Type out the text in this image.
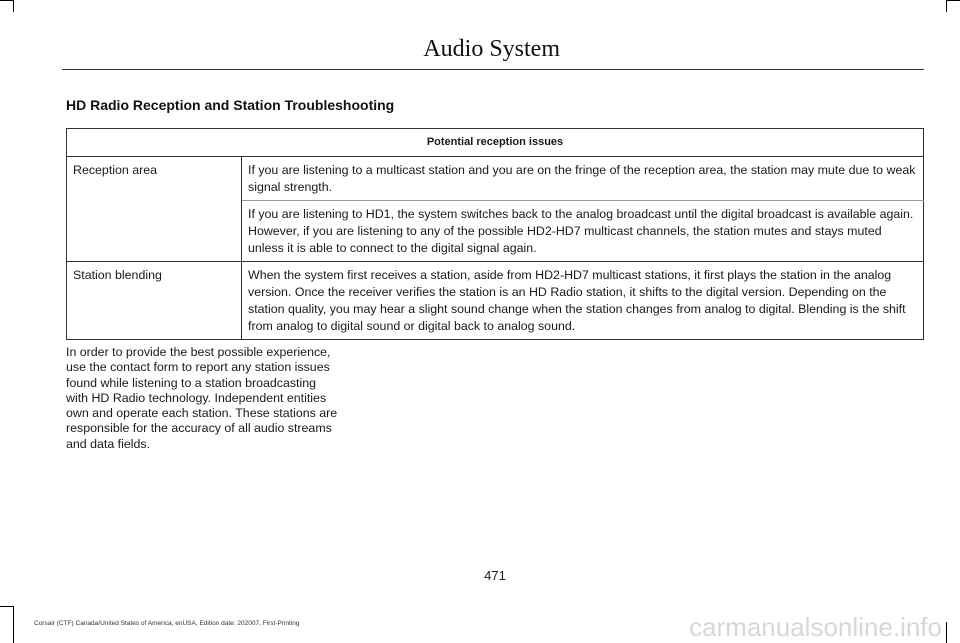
Audio System
HD Radio Reception and Station Troubleshooting
Potential reception issues	
Reception area	If you are listening to a multicast station and you are on the fringe of the reception area, the station may mute due to weak signal strength.
	If you are listening to HD1, the system switches back to the analog broadcast until the digital broadcast is available again. However, if you are listening to any of the possible HD2-HD7 multicast channels, the station mutes and stays muted unless it is able to connect to the digital signal again.
Station blending	When the system first receives a station, aside from HD2-HD7 multicast stations, it first plays the station in the analog version. Once the receiver verifies the station is an HD Radio station, it shifts to the digital version. Depending on the station quality, you may hear a slight sound change when the station changes from analog to digital. Blending is the shift from analog to digital sound or digital back to analog sound.
In order to provide the best possible experience, use the contact form to report any station issues found while listening to a station broadcasting with HD Radio technology. Independent entities own and operate each station. These stations are responsible for the accuracy of all audio streams and data fields.
471
Corsair (CTF) Canada/United States of America, enUSA, Edition date: 202007, First-Printing	carmanualsonline.info
